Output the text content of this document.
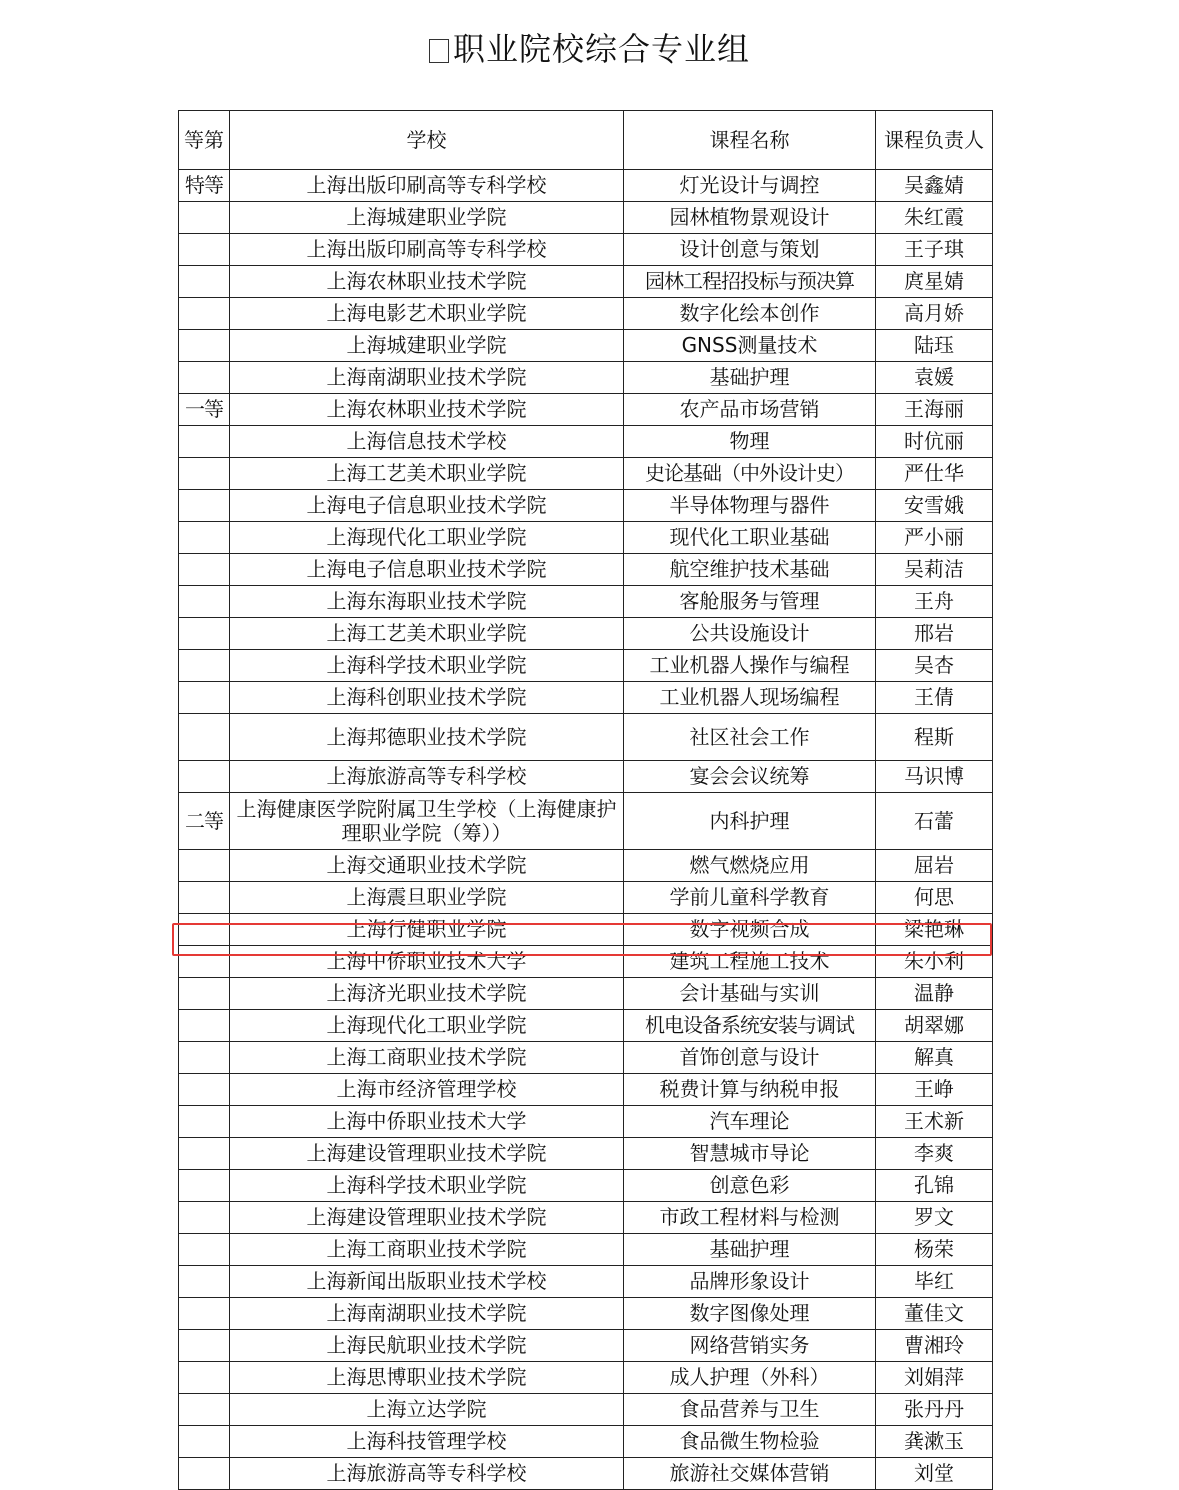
职业院校综合专业组
等第	学校	课程名称	课程负责人
特等	上海出版印刷高等专科学校	灯光设计与调控	吴鑫婧
	上海城建职业学院	园林植物景观设计	朱红霞
	上海出版印刷高等专科学校	设计创意与策划	王子琪
	上海农林职业技术学院	园林工程招投标与预决算	庹星婧
	上海电影艺术职业学院	数字化绘本创作	高月娇
	上海城建职业学院	GNSS测量技术	陆珏
	上海南湖职业技术学院	基础护理	袁媛
一等	上海农林职业技术学院	农产品市场营销	王海丽
	上海信息技术学校	物理	时伉丽
	上海工艺美术职业学院	史论基础（中外设计史）	严仕华
	上海电子信息职业技术学院	半导体物理与器件	安雪娥
	上海现代化工职业学院	现代化工职业基础	严小丽
	上海电子信息职业技术学院	航空维护技术基础	吴莉洁
	上海东海职业技术学院	客舱服务与管理	王舟
	上海工艺美术职业学院	公共设施设计	邢岩
	上海科学技术职业学院	工业机器人操作与编程	吴杏
	上海科创职业技术学院	工业机器人现场编程	王倩
	上海邦德职业技术学院	社区社会工作	程斯
	上海旅游高等专科学校	宴会会议统筹	马识博
二等	上海健康医学院附属卫生学校（上海健康护理职业学院（筹））	内科护理	石蕾
	上海交通职业技术学院	燃气燃烧应用	屈岩
	上海震旦职业学院	学前儿童科学教育	何思
	上海行健职业学院	数字视频合成	梁艳琳
	上海中侨职业技术大学	建筑工程施工技术	朱小利
	上海济光职业技术学院	会计基础与实训	温静
	上海现代化工职业学院	机电设备系统安装与调试	胡翠娜
	上海工商职业技术学院	首饰创意与设计	解真
	上海市经济管理学校	税费计算与纳税申报	王峥
	上海中侨职业技术大学	汽车理论	王术新
	上海建设管理职业技术学院	智慧城市导论	李爽
	上海科学技术职业学院	创意色彩	孔锦
	上海建设管理职业技术学院	市政工程材料与检测	罗文
	上海工商职业技术学院	基础护理	杨荣
	上海新闻出版职业技术学校	品牌形象设计	毕红
	上海南湖职业技术学院	数字图像处理	董佳文
	上海民航职业技术学院	网络营销实务	曹湘玲
	上海思博职业技术学院	成人护理（外科）	刘娟萍
	上海立达学院	食品营养与卫生	张丹丹
	上海科技管理学校	食品微生物检验	龚漱玉
	上海旅游高等专科学校	旅游社交媒体营销	刘堂
